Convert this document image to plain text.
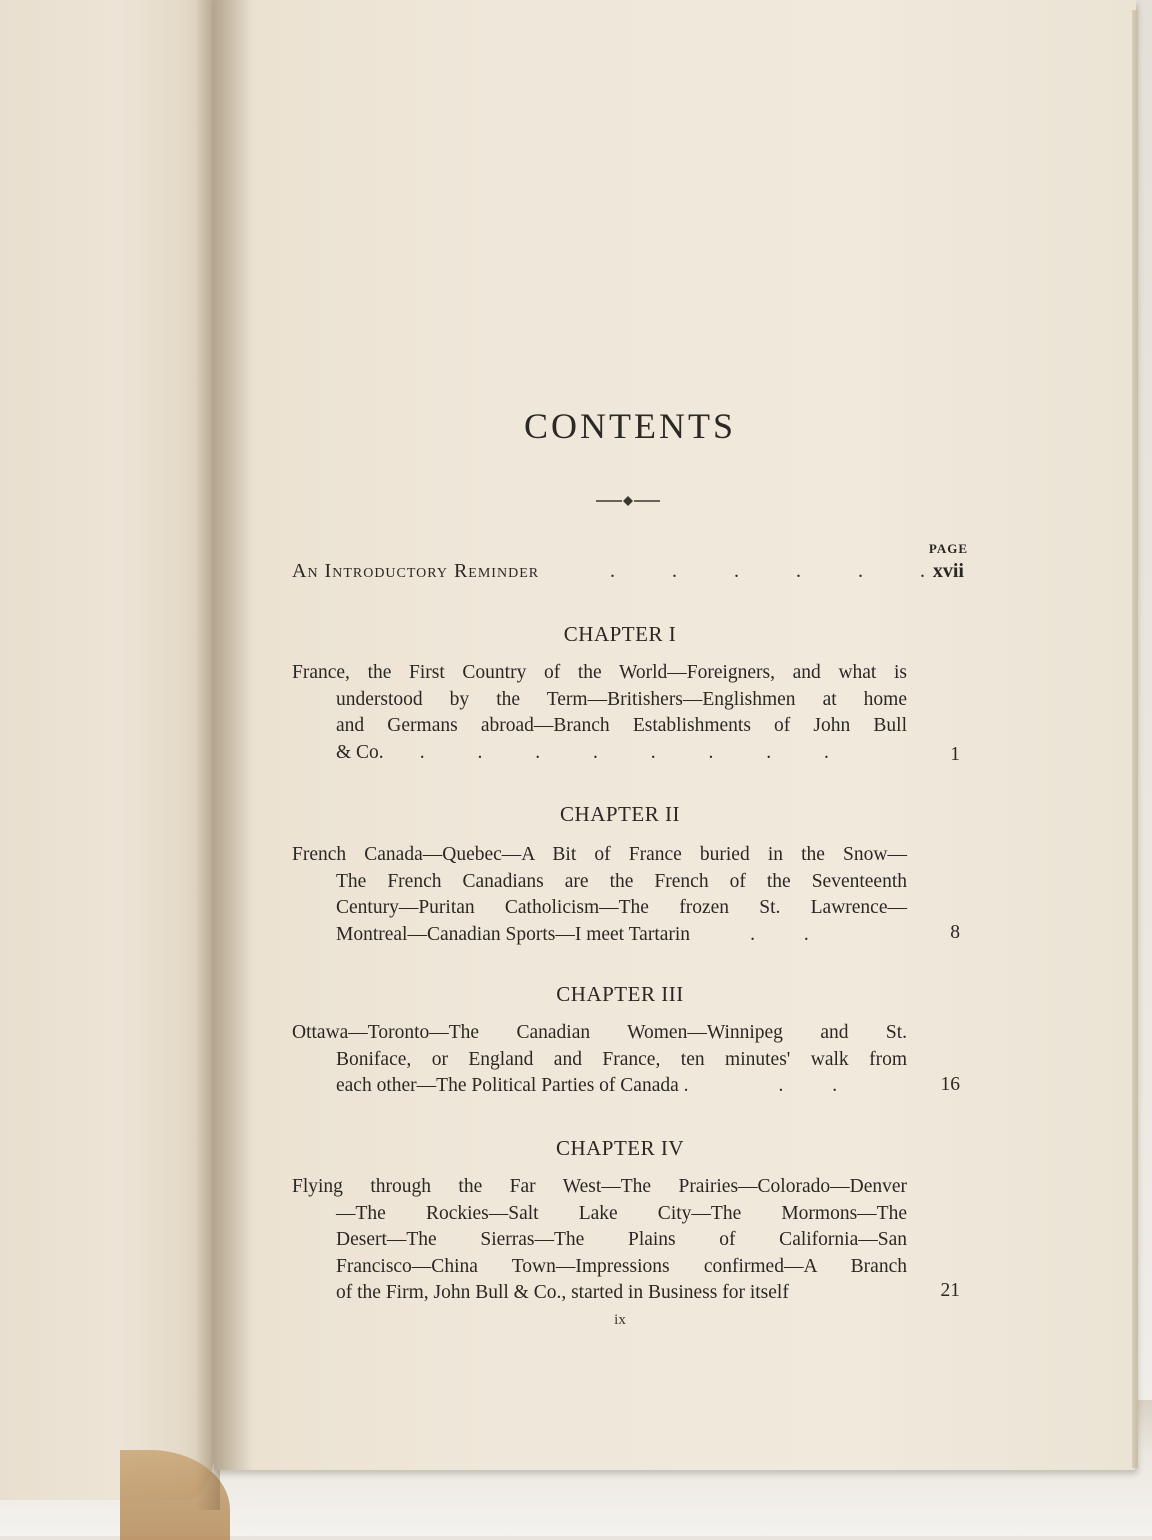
CONTENTS
PAGE
An Introductory Reminder	. . . . . . xvii
CHAPTER I
France, the First Country of the World—Foreigners, and what is
understood by the Term—Britishers—Englishmen at home
and Germans abroad—Branch Establishments of John Bull
& Co. . . . . . . . .	1
CHAPTER II
French Canada—Quebec—A Bit of France buried in the Snow—
The French Canadians are the French of the Seventeenth
Century—Puritan Catholicism—The frozen St. Lawrence—
Montreal—Canadian Sports—I meet Tartarin	. .	8
CHAPTER III
Ottawa—Toronto—The Canadian Women—Winnipeg and St.
Boniface, or England and France, ten minutes' walk from
each other—The Political Parties of Canada .	. .	16
CHAPTER IV
Flying through the Far West—The Prairies—Colorado—Denver
—The Rockies—Salt Lake City—The Mormons—The
Desert—The Sierras—The Plains of California—San
Francisco—China Town—Impressions confirmed—A Branch
of the Firm, John Bull & Co., started in Business for itself	21
ix
